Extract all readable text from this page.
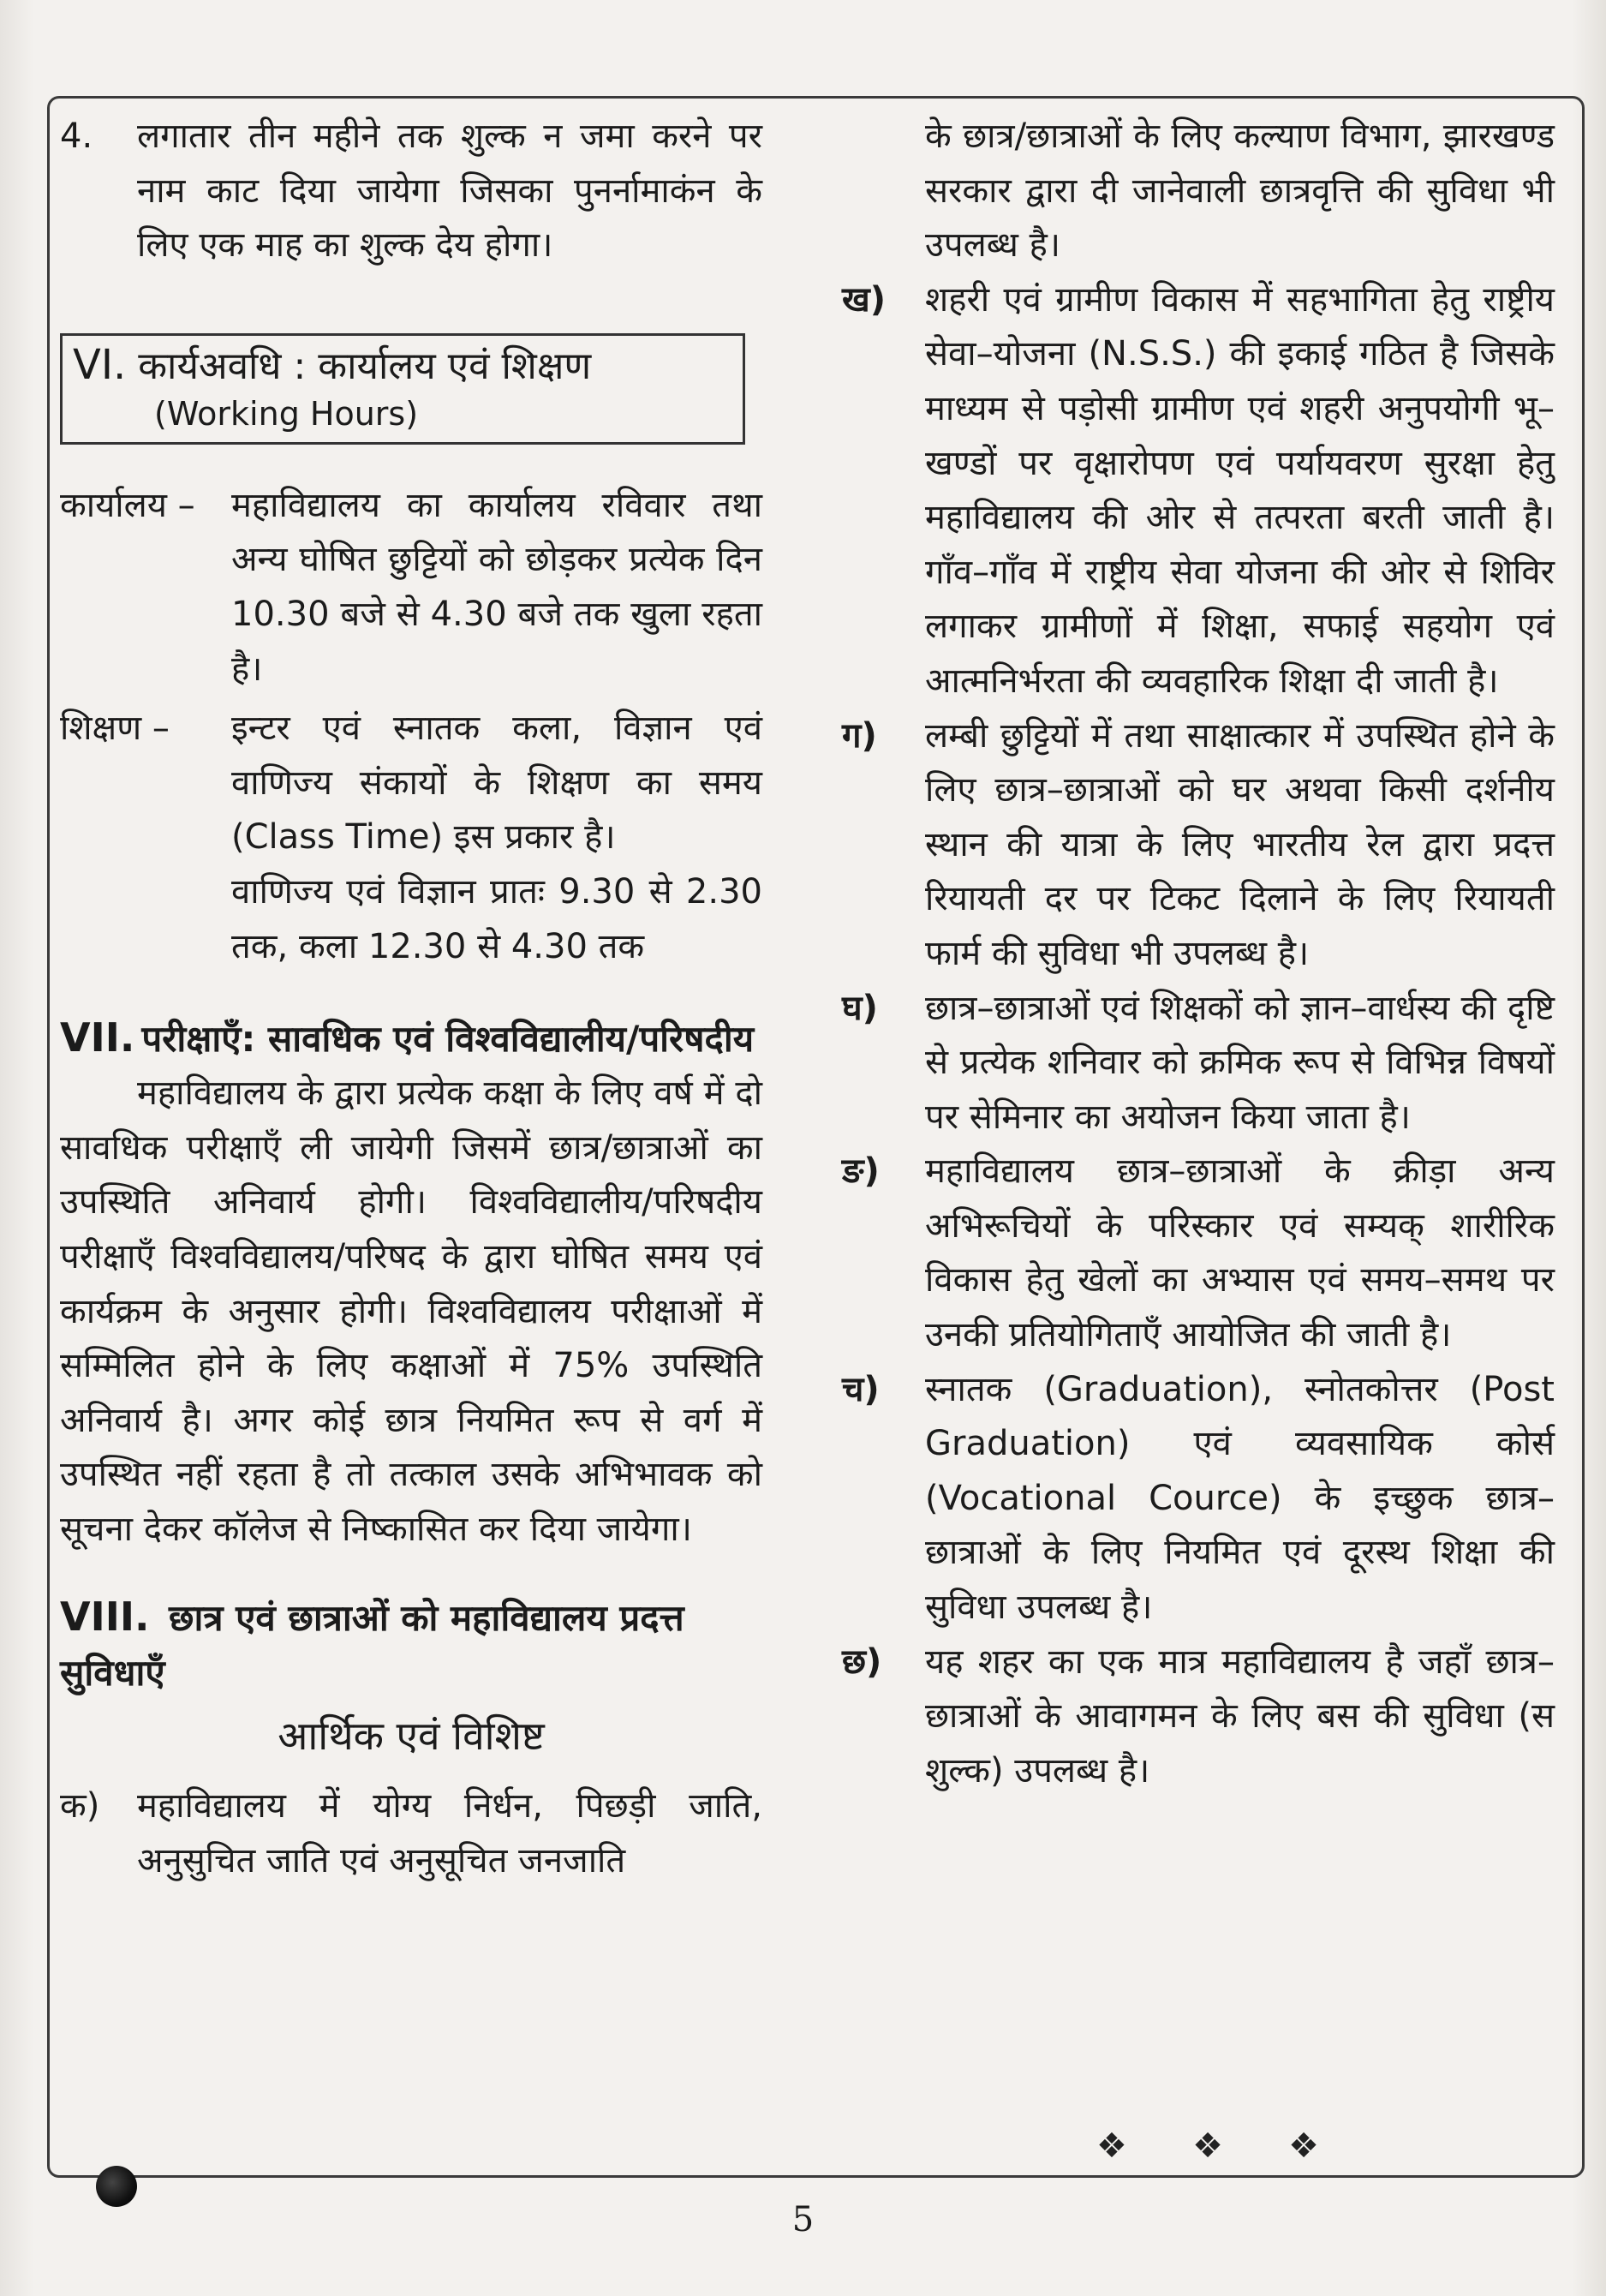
4. लगातार तीन महीने तक शुल्क न जमा करने पर नाम काट दिया जायेगा जिसका पुनर्नामाकंन के लिए एक माह का शुल्क देय होगा।
VI. कार्यअवधि : कार्यालय एवं शिक्षण
(Working Hours)
कार्यालय – महाविद्यालय का कार्यालय रविवार तथा अन्य घोषित छुट्टियों को छोड़कर प्रत्येक दिन 10.30 बजे से 4.30 बजे तक खुला रहता है।
शिक्षण – इन्टर एवं स्नातक कला, विज्ञान एवं वाणिज्य संकायों के शिक्षण का समय (Class Time) इस प्रकार है।
वाणिज्य एवं विज्ञान प्रातः 9.30 से 2.30 तक, कला 12.30 से 4.30 तक
VII. परीक्षाएँ: सावधिक एवं विश्वविद्यालीय/परिषदीय

महाविद्यालय के द्वारा प्रत्येक कक्षा के लिए वर्ष में दो सावधिक परीक्षाएँ ली जायेगी जिसमें छात्र/छात्राओं का उपस्थिति अनिवार्य होगी। विश्वविद्यालीय/परिषदीय परीक्षाएँ विश्वविद्यालय/परिषद के द्वारा घोषित समय एवं कार्यक्रम के अनुसार होगी। विश्वविद्यालय परीक्षाओं में सम्मिलित होने के लिए कक्षाओं में 75% उपस्थिति अनिवार्य है। अगर कोई छात्र नियमित रूप से वर्ग में उपस्थित नहीं रहता है तो तत्काल उसके अभिभावक को सूचना देकर कॉलेज से निष्कासित कर दिया जायेगा।

VIII. छात्र एवं छात्राओं को महाविद्यालय प्रदत्त सुविधाएँ
आर्थिक एवं विशिष्ट
क) महाविद्यालय में योग्य निर्धन, पिछड़ी जाति, अनुसुचित जाति एवं अनुसूचित जनजाति
के छात्र/छात्राओं के लिए कल्याण विभाग, झारखण्ड सरकार द्वारा दी जानेवाली छात्रवृत्ति की सुविधा भी उपलब्ध है।
ख) शहरी एवं ग्रामीण विकास में सहभागिता हेतु राष्ट्रीय सेवा–योजना (N.S.S.) की इकाई गठित है जिसके माध्यम से पड़ोसी ग्रामीण एवं शहरी अनुपयोगी भू–खण्डों पर वृक्षारोपण एवं पर्यायवरण सुरक्षा हेतु महाविद्यालय की ओर से तत्परता बरती जाती है। गाँव–गाँव में राष्ट्रीय सेवा योजना की ओर से शिविर लगाकर ग्रामीणों में शिक्षा, सफाई सहयोग एवं आत्मनिर्भरता की व्यवहारिक शिक्षा दी जाती है।
ग) लम्बी छुट्टियों में तथा साक्षात्कार में उपस्थित होने के लिए छात्र–छात्राओं को घर अथवा किसी दर्शनीय स्थान की यात्रा के लिए भारतीय रेल द्वारा प्रदत्त रियायती दर पर टिकट दिलाने के लिए रियायती फार्म की सुविधा भी उपलब्ध है।
घ) छात्र–छात्राओं एवं शिक्षकों को ज्ञान–वार्धस्य की दृष्टि से प्रत्येक शनिवार को क्रमिक रूप से विभिन्न विषयों पर सेमिनार का अयोजन किया जाता है।
ङ) महाविद्यालय छात्र–छात्राओं के क्रीड़ा अन्य अभिरूचियों के परिस्कार एवं सम्यक् शारीरिक विकास हेतु खेलों का अभ्यास एवं समय–समथ पर उनकी प्रतियोगिताएँ आयोजित की जाती है।
च) स्नातक (Graduation), स्नोतकोत्तर (Post Graduation) एवं व्यवसायिक कोर्स (Vocational Cource) के इच्छुक छात्र–छात्राओं के लिए नियमित एवं दूरस्थ शिक्षा की सुविधा उपलब्ध है।
छ) यह शहर का एक मात्र महाविद्यालय है जहाँ छात्र–छात्राओं के आवागमन के लिए बस की सुविधा (स शुल्क) उपलब्ध है।
❖ ❖ ❖
5
